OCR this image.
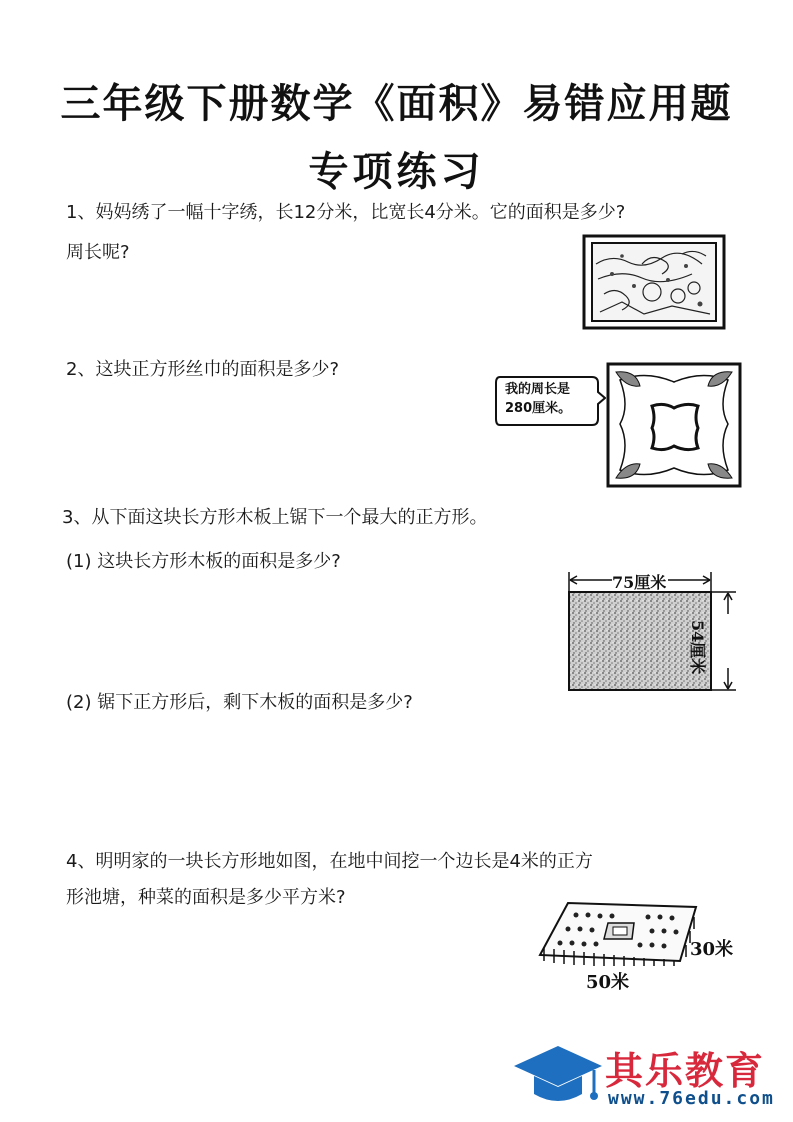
三年级下册数学《面积》易错应用题
专项练习
1、妈妈绣了一幅十字绣，长12分米，比宽长4分米。它的面积是多少?
周长呢?
2、这块正方形丝巾的面积是多少?
我的周长是
280厘米。
3、从下面这块长方形木板上锯下一个最大的正方形。
(1) 这块长方形木板的面积是多少?
(2) 锯下正方形后，剩下木板的面积是多少?
75厘米
54厘米
4、明明家的一块长方形地如图，在地中间挖一个边长是4米的正方
形池塘，种菜的面积是多少平方米?
30米
50米
其乐教育
www.76edu.com
